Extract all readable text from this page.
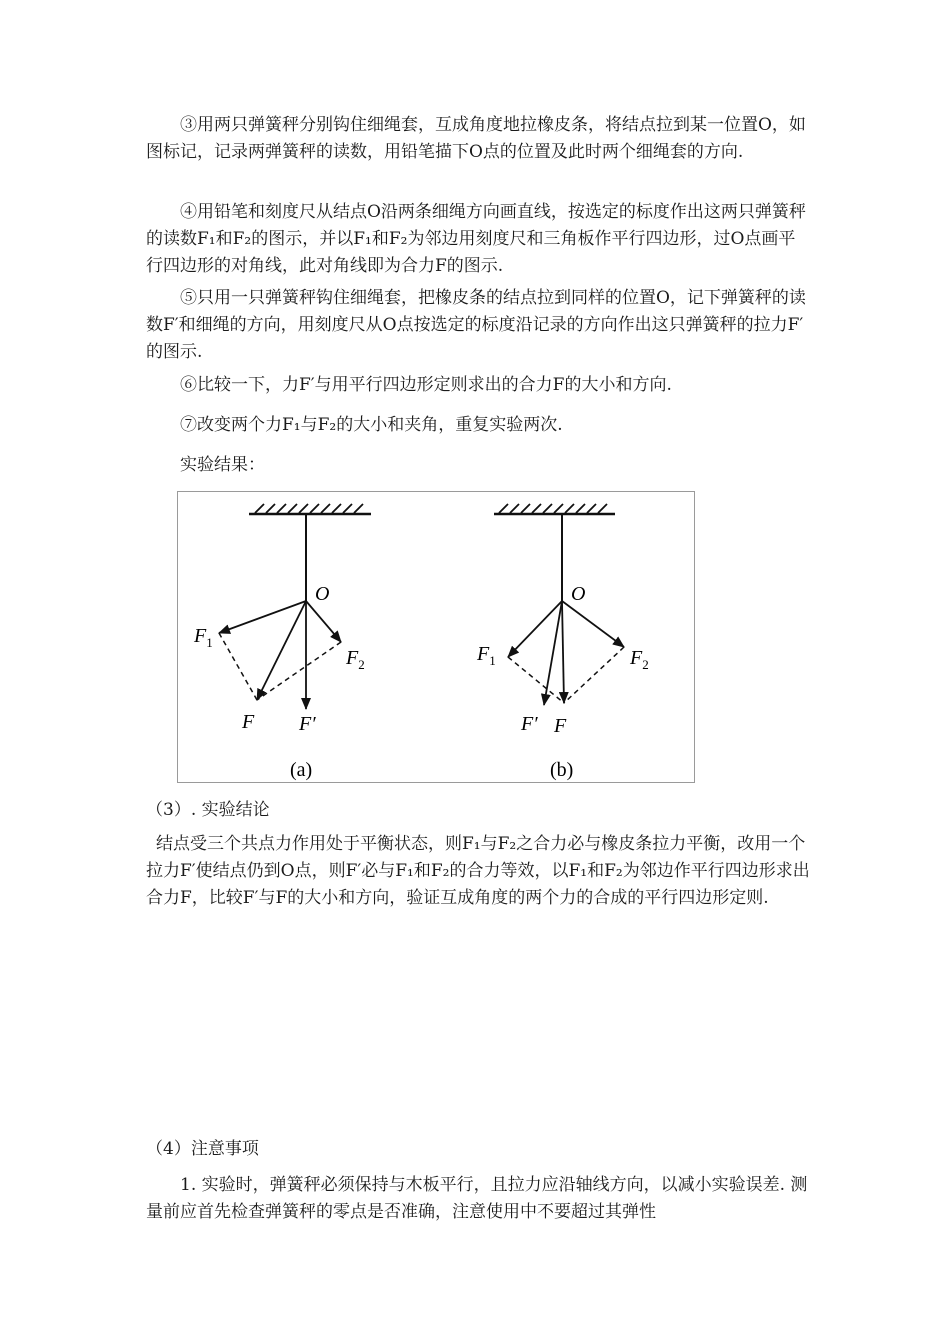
③用两只弹簧秤分别钩住细绳套，互成角度地拉橡皮条，将结点拉到某一位置O，如图标记，记录两弹簧秤的读数，用铅笔描下O点的位置及此时两个细绳套的方向.

④用铅笔和刻度尺从结点O沿两条细绳方向画直线，按选定的标度作出这两只弹簧秤的读数F₁和F₂的图示，并以F₁和F₂为邻边用刻度尺和三角板作平行四边形，过O点画平行四边形的对角线，此对角线即为合力F的图示.

⑤只用一只弹簧秤钩住细绳套，把橡皮条的结点拉到同样的位置O，记下弹簧秤的读数F′和细绳的方向，用刻度尺从O点按选定的标度沿记录的方向作出这只弹簧秤的拉力F′的图示.

⑥比较一下，力F′与用平行四边形定则求出的合力F的大小和方向.

⑦改变两个力F₁与F₂的大小和夹角，重复实验两次.

实验结果：

O
$F_1$
$F_2$
F F′
(a)
O
$F_1$	$F_2$
F′ F
(b)

（3）. 实验结论

结点受三个共点力作用处于平衡状态，则F₁与F₂之合力必与橡皮条拉力平衡，改用一个拉力F′使结点仍到O点，则F′必与F₁和F₂的合力等效，以F₁和F₂为邻边作平行四边形求出合力F，比较F′与F的大小和方向，验证互成角度的两个力的合成的平行四边形定则.

（4）注意事项

1. 实验时，弹簧秤必须保持与木板平行，且拉力应沿轴线方向，以减小实验误差. 测量前应首先检查弹簧秤的零点是否准确，注意使用中不要超过其弹性
